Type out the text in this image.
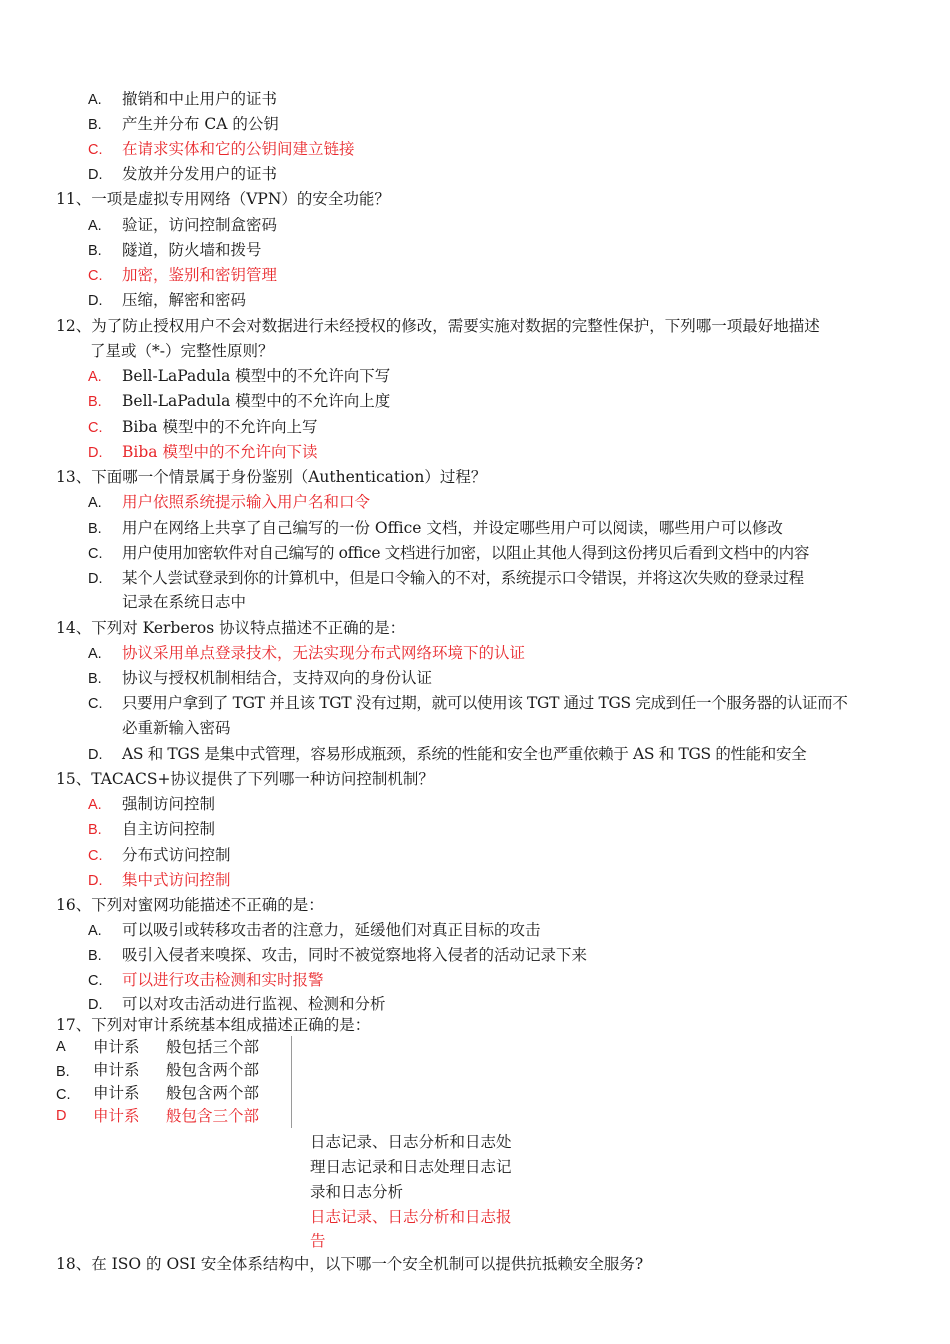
A. 撤销和中止用户的证书
B. 产生并分布 CA 的公钥
C. 在请求实体和它的公钥间建立链接
D. 发放并分发用户的证书
11、一项是虚拟专用网络（VPN）的安全功能？
A. 验证，访问控制盒密码
B. 隧道，防火墙和拨号
C. 加密，鉴别和密钥管理
D. 压缩，解密和密码
12、为了防止授权用户不会对数据进行未经授权的修改，需要实施对数据的完整性保护，下列哪一项最好地描述
了星或（*-）完整性原则？
A. Bell-LaPadula 模型中的不允许向下写
B. Bell-LaPadula 模型中的不允许向上度
C. Biba 模型中的不允许向上写
D. Biba 模型中的不允许向下读
13、下面哪一个情景属于身份鉴别（Authentication）过程？
A. 用户依照系统提示输入用户名和口令
B. 用户在网络上共享了自己编写的一份 Office 文档，并设定哪些用户可以阅读，哪些用户可以修改
C. 用户使用加密软件对自己编写的 office 文档进行加密，以阻止其他人得到这份拷贝后看到文档中的内容
D. 某个人尝试登录到你的计算机中，但是口令输入的不对，系统提示口令错误，并将这次失败的登录过程
记录在系统日志中
14、下列对 Kerberos 协议特点描述不正确的是：
A. 协议采用单点登录技术，无法实现分布式网络环境下的认证
B. 协议与授权机制相结合，支持双向的身份认证
C. 只要用户拿到了 TGT 并且该 TGT 没有过期，就可以使用该 TGT 通过 TGS 完成到任一个服务器的认证而不
必重新输入密码
D. AS 和 TGS 是集中式管理，容易形成瓶颈，系统的性能和安全也严重依赖于 AS 和 TGS 的性能和安全
15、TACACS+协议提供了下列哪一种访问控制机制？
A. 强制访问控制
B. 自主访问控制
C. 分布式访问控制
D. 集中式访问控制
16、下列对蜜网功能描述不正确的是：
A. 可以吸引或转移攻击者的注意力，延缓他们对真正目标的攻击
B. 吸引入侵者来嗅探、攻击，同时不被觉察地将入侵者的活动记录下来
C. 可以进行攻击检测和实时报警
D. 可以对攻击活动进行监视、检测和分析
17、下列对审计系统基本组成描述正确的是：
A 申计系 般包括三个部
B. 申计系 般包含两个部
C. 申计系 般包含两个部
D 申计系 般包含三个部
日志记录、日志分析和日志处
理日志记录和日志处理日志记
录和日志分析
日志记录、日志分析和日志报
告
18、在 ISO 的 OSI 安全体系结构中，以下哪一个安全机制可以提供抗抵赖安全服务?
